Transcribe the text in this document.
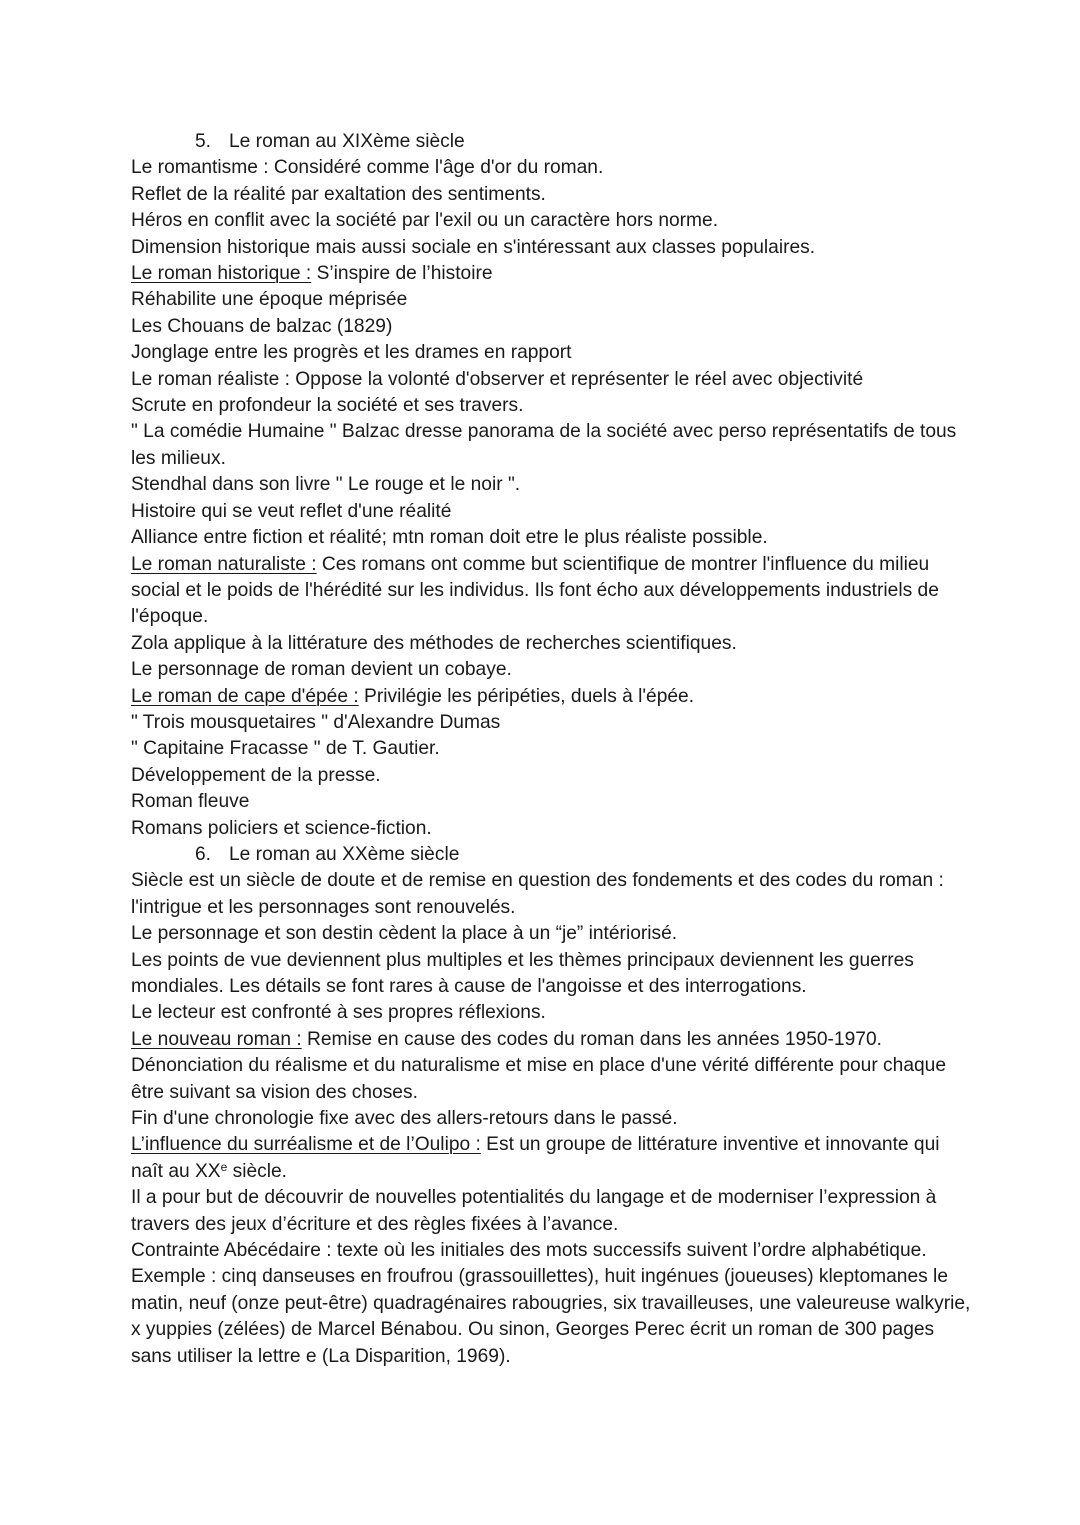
5. Le roman au XIXème siècle

Le romantisme : Considéré comme l'âge d'or du roman.

Reflet de la réalité par exaltation des sentiments.

Héros en conflit avec la société par l'exil ou un caractère hors norme.

Dimension historique mais aussi sociale en s'intéressant aux classes populaires.

Le roman historique : S’inspire de l’histoire

Réhabilite une époque méprisée

Les Chouans de balzac (1829)

Jonglage entre les progrès et les drames en rapport

Le roman réaliste : Oppose la volonté d'observer et représenter le réel avec objectivité

Scrute en profondeur la société et ses travers.

" La comédie Humaine " Balzac dresse panorama de la société avec perso représentatifs de tous les milieux.

Stendhal dans son livre " Le rouge et le noir ".

Histoire qui se veut reflet d'une réalité

Alliance entre fiction et réalité; mtn roman doit etre le plus réaliste possible.

Le roman naturaliste : Ces romans ont comme but scientifique de montrer l'influence du milieu social et le poids de l'hérédité sur les individus. Ils font écho aux développements industriels de l'époque.

Zola applique à la littérature des méthodes de recherches scientifiques.

Le personnage de roman devient un cobaye.

Le roman de cape d'épée : Privilégie les péripéties, duels à l'épée.

" Trois mousquetaires " d'Alexandre Dumas

" Capitaine Fracasse " de T. Gautier.

Développement de la presse.

Roman fleuve

Romans policiers et science-fiction.

6. Le roman au XXème siècle

Siècle est un siècle de doute et de remise en question des fondements et des codes du roman : l'intrigue et les personnages sont renouvelés.

Le personnage et son destin cèdent la place à un “je” intériorisé.

Les points de vue deviennent plus multiples et les thèmes principaux deviennent les guerres mondiales. Les détails se font rares à cause de l'angoisse et des interrogations.

Le lecteur est confronté à ses propres réflexions.

Le nouveau roman : Remise en cause des codes du roman dans les années 1950-1970.

Dénonciation du réalisme et du naturalisme et mise en place d'une vérité différente pour chaque être suivant sa vision des choses.

Fin d'une chronologie fixe avec des allers-retours dans le passé.

L’influence du surréalisme et de l’Oulipo : Est un groupe de littérature inventive et innovante qui naît au XXe siècle.

Il a pour but de découvrir de nouvelles potentialités du langage et de moderniser l’expression à travers des jeux d’écriture et des règles fixées à l’avance.

Contrainte Abécédaire : texte où les initiales des mots successifs suivent l’ordre alphabétique. Exemple : cinq danseuses en froufrou (grassouillettes), huit ingénues (joueuses) kleptomanes le matin, neuf (onze peut-être) quadragénaires rabougries, six travailleuses, une valeureuse walkyrie, x yuppies (zélées) de Marcel Bénabou. Ou sinon, Georges Perec écrit un roman de 300 pages sans utiliser la lettre e (La Disparition, 1969).
